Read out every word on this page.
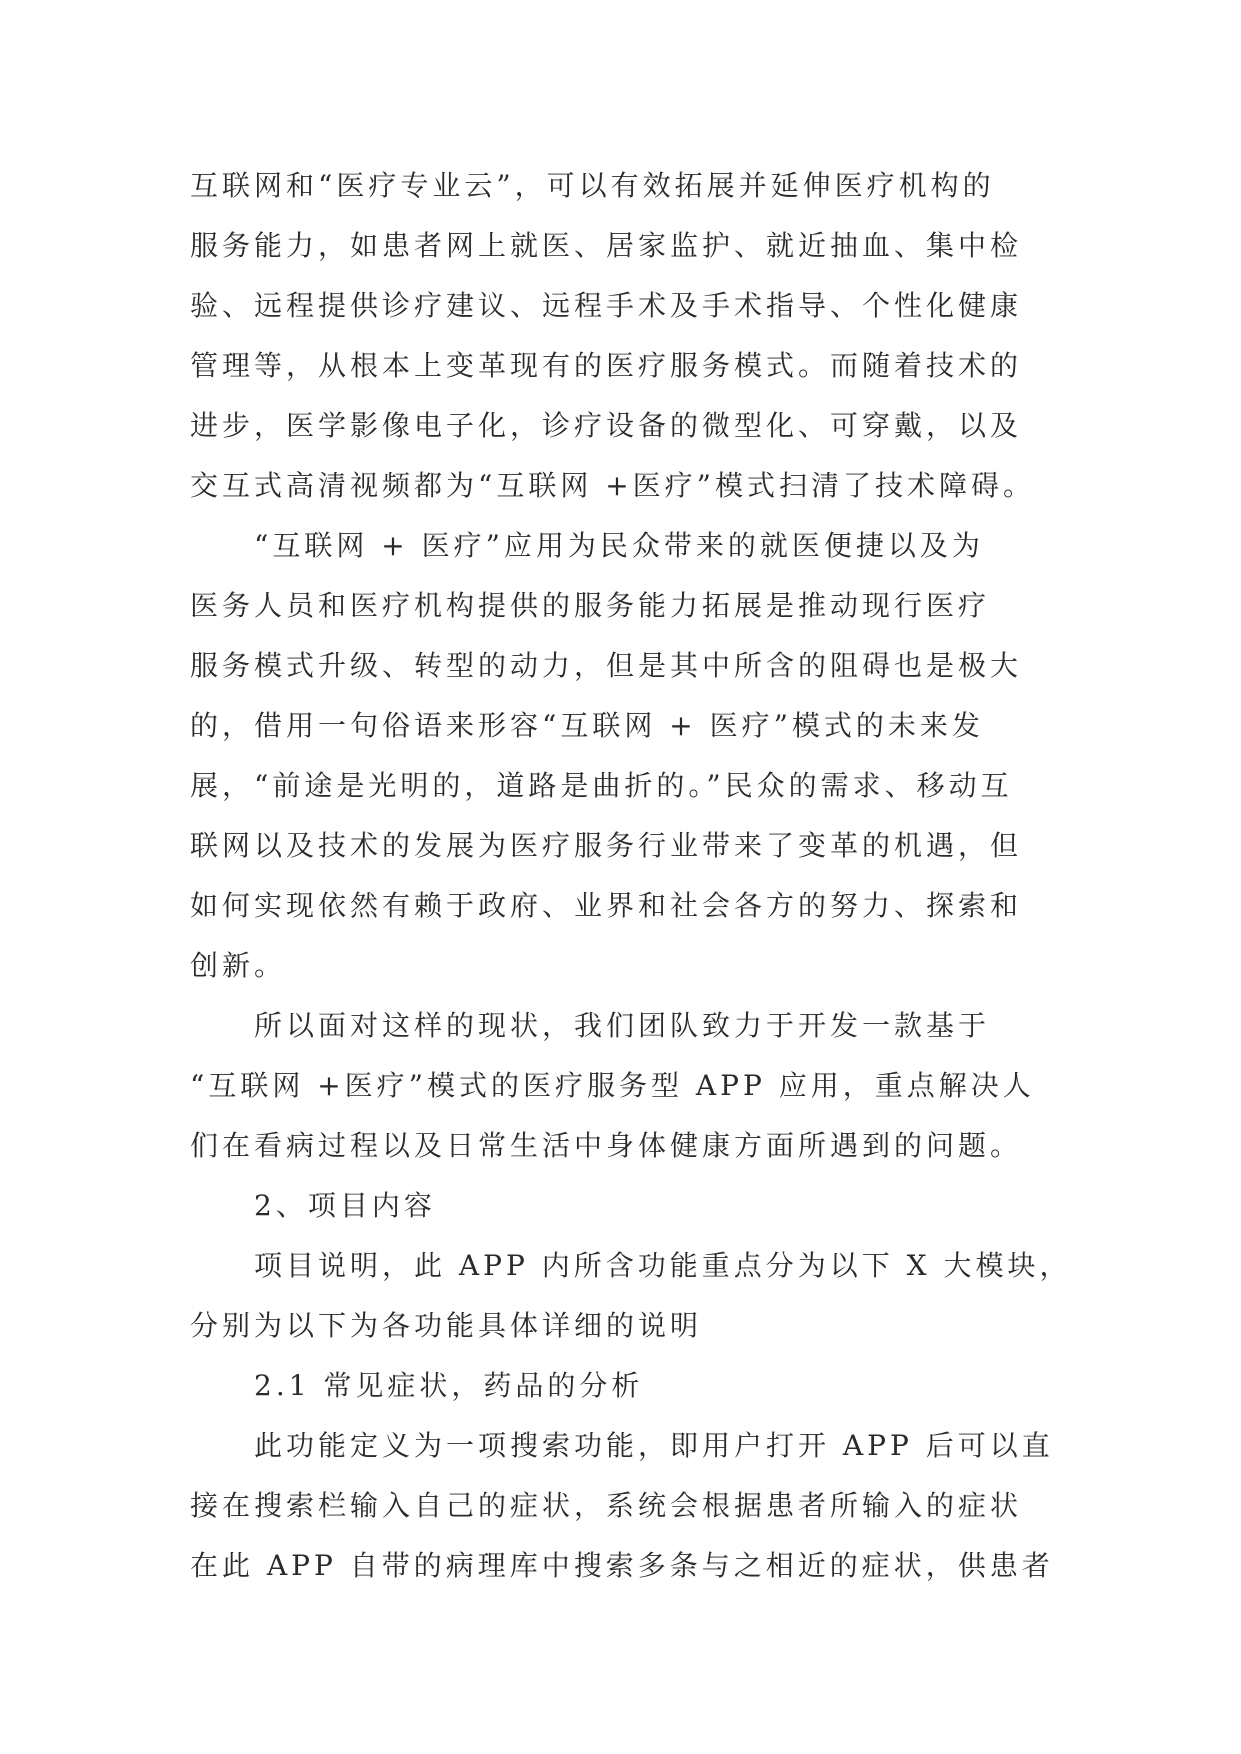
互联网和“医疗专业云”，可以有效拓展并延伸医疗机构的
服务能力，如患者网上就医、居家监护、就近抽血、集中检
验、远程提供诊疗建议、远程手术及手术指导、个性化健康
管理等，从根本上变革现有的医疗服务模式。而随着技术的
进步，医学影像电子化，诊疗设备的微型化、可穿戴，以及
交互式高清视频都为“互联网 +医疗”模式扫清了技术障碍。
“互联网 + 医疗”应用为民众带来的就医便捷以及为
医务人员和医疗机构提供的服务能力拓展是推动现行医疗
服务模式升级、转型的动力，但是其中所含的阻碍也是极大
的，借用一句俗语来形容“互联网 + 医疗”模式的未来发
展，“前途是光明的，道路是曲折的。”民众的需求、移动互
联网以及技术的发展为医疗服务行业带来了变革的机遇，但
如何实现依然有赖于政府、业界和社会各方的努力、探索和
创新。
所以面对这样的现状，我们团队致力于开发一款基于
“互联网 +医疗”模式的医疗服务型 APP 应用，重点解决人
们在看病过程以及日常生活中身体健康方面所遇到的问题。
2、项目内容
项目说明，此 APP 内所含功能重点分为以下 X 大模块，
分别为以下为各功能具体详细的说明
2.1 常见症状，药品的分析
此功能定义为一项搜索功能，即用户打开 APP 后可以直
接在搜索栏输入自己的症状，系统会根据患者所输入的症状
在此 APP 自带的病理库中搜索多条与之相近的症状，供患者
